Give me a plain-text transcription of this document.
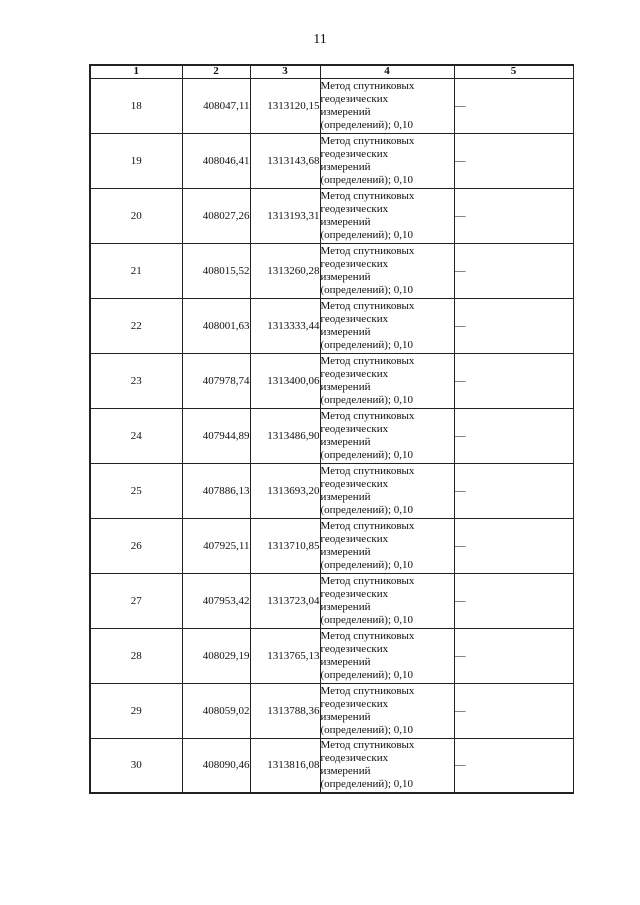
11
1	2	3	4	5
18	408047,11	1313120,15	Метод спутниковых
геодезических
измерений
(определений); 0,10	—
19	408046,41	1313143,68	Метод спутниковых
геодезических
измерений
(определений); 0,10	—
20	408027,26	1313193,31	Метод спутниковых
геодезических
измерений
(определений); 0,10	—
21	408015,52	1313260,28	Метод спутниковых
геодезических
измерений
(определений); 0,10	—
22	408001,63	1313333,44	Метод спутниковых
геодезических
измерений
(определений); 0,10	—
23	407978,74	1313400,06	Метод спутниковых
геодезических
измерений
(определений); 0,10	—
24	407944,89	1313486,90	Метод спутниковых
геодезических
измерений
(определений); 0,10	—
25	407886,13	1313693,20	Метод спутниковых
геодезических
измерений
(определений); 0,10	—
26	407925,11	1313710,85	Метод спутниковых
геодезических
измерений
(определений); 0,10	—
27	407953,42	1313723,04	Метод спутниковых
геодезических
измерений
(определений); 0,10	—
28	408029,19	1313765,13	Метод спутниковых
геодезических
измерений
(определений); 0,10	—
29	408059,02	1313788,36	Метод спутниковых
геодезических
измерений
(определений); 0,10	—
30	408090,46	1313816,08	Метод спутниковых
геодезических
измерений
(определений); 0,10	—
